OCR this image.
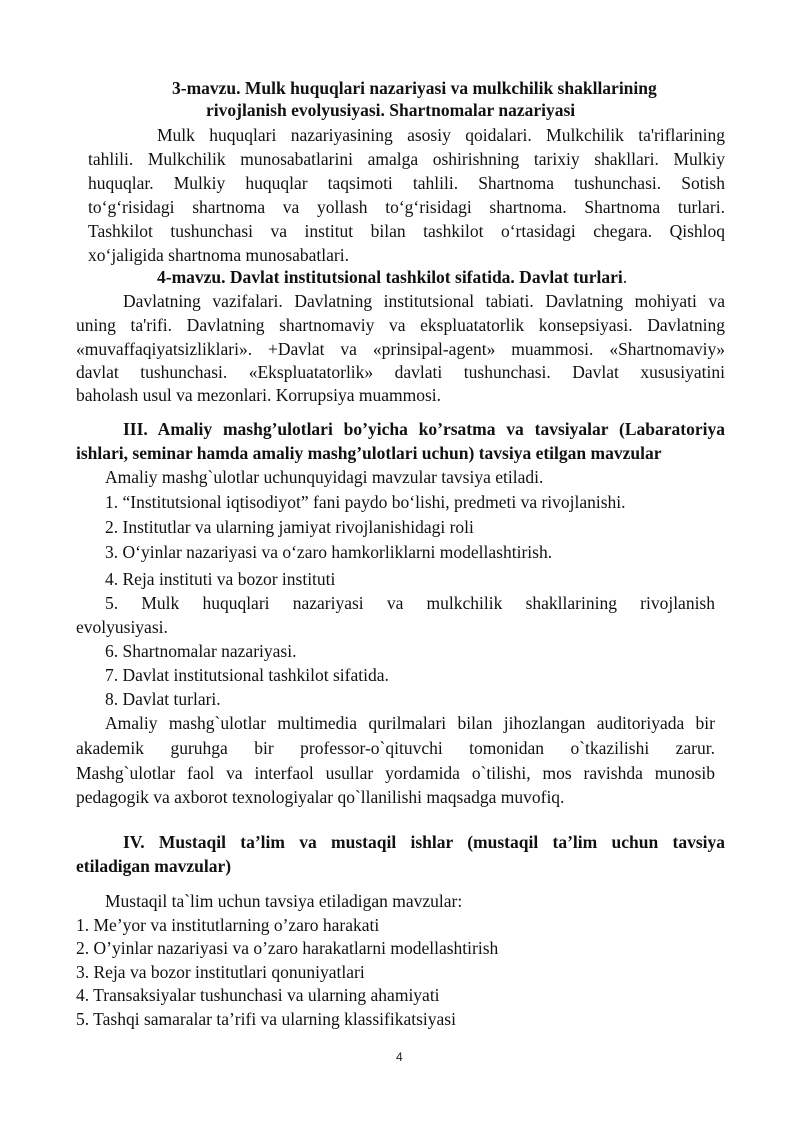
3-mavzu. Mulk huquqlari nazariyasi va mulkchilik shakllarining
rivojlanish evolyusiyasi. Shartnomalar nazariyasi
Mulk huquqlari nazariyasining asosiy qoidalari. Mulkchilik ta'riflarining
tahlili. Mulkchilik munosabatlarini amalga oshirishning tarixiy shakllari. Mulkiy
huquqlar. Mulkiy huquqlar taqsimoti tahlili. Shartnoma tushunchasi. Sotish
to‘g‘risidagi shartnoma va yollash to‘g‘risidagi shartnoma. Shartnoma turlari.
Tashkilot tushunchasi va institut bilan tashkilot o‘rtasidagi chegara. Qishloq
xo‘jaligida shartnoma munosabatlari.
4-mavzu. Davlat institutsional tashkilot sifatida. Davlat turlari.
Davlatning vazifalari. Davlatning institutsional tabiati. Davlatning mohiyati va
uning ta'rifi. Davlatning shartnomaviy va ekspluatatorlik konsepsiyasi. Davlatning
«muvaffaqiyatsizliklari». +Davlat va «prinsipal-agent» muammosi. «Shartnomaviy»
davlat tushunchasi. «Ekspluatatorlik» davlati tushunchasi. Davlat xususiyatini
baholash usul va mezonlari. Korrupsiya muammosi.
III. Amaliy mashg’ulotlari bo’yicha ko’rsatma va tavsiyalar (Labaratoriya
ishlari, seminar hamda amaliy mashg’ulotlari uchun) tavsiya etilgan mavzular
Amaliy mashg`ulotlar uchunquyidagi mavzular tavsiya etiladi.
1. “Institutsional iqtisodiyot” fani paydo bo‘lishi, predmeti va rivojlanishi.
2. Institutlar va ularning jamiyat rivojlanishidagi roli
3. O‘yinlar nazariyasi va o‘zaro hamkorliklarni modellashtirish.
4. Reja instituti va bozor instituti
5. Mulk huquqlari nazariyasi va mulkchilik shakllarining rivojlanish
evolyusiyasi.
6. Shartnomalar nazariyasi.
7. Davlat institutsional tashkilot sifatida.
8. Davlat turlari.
Amaliy mashg`ulotlar multimedia qurilmalari bilan jihozlangan auditoriyada bir
akademik guruhga bir professor-o`qituvchi tomonidan o`tkazilishi zarur.
Mashg`ulotlar faol va interfaol usullar yordamida o`tilishi, mos ravishda munosib
pedagogik va axborot texnologiyalar qo`llanilishi maqsadga muvofiq.
IV. Mustaqil ta’lim va mustaqil ishlar (mustaqil ta’lim uchun tavsiya
etiladigan mavzular)
Mustaqil ta`lim uchun tavsiya etiladigan mavzular:
1. Me’yor va institutlarning o’zaro harakati
2. O’yinlar nazariyasi va o’zaro harakatlarni modellashtirish
3. Reja va bozor institutlari qonuniyatlari
4. Transaksiyalar tushunchasi va ularning ahamiyati
5. Tashqi samaralar ta’rifi va ularning klassifikatsiyasi
4
